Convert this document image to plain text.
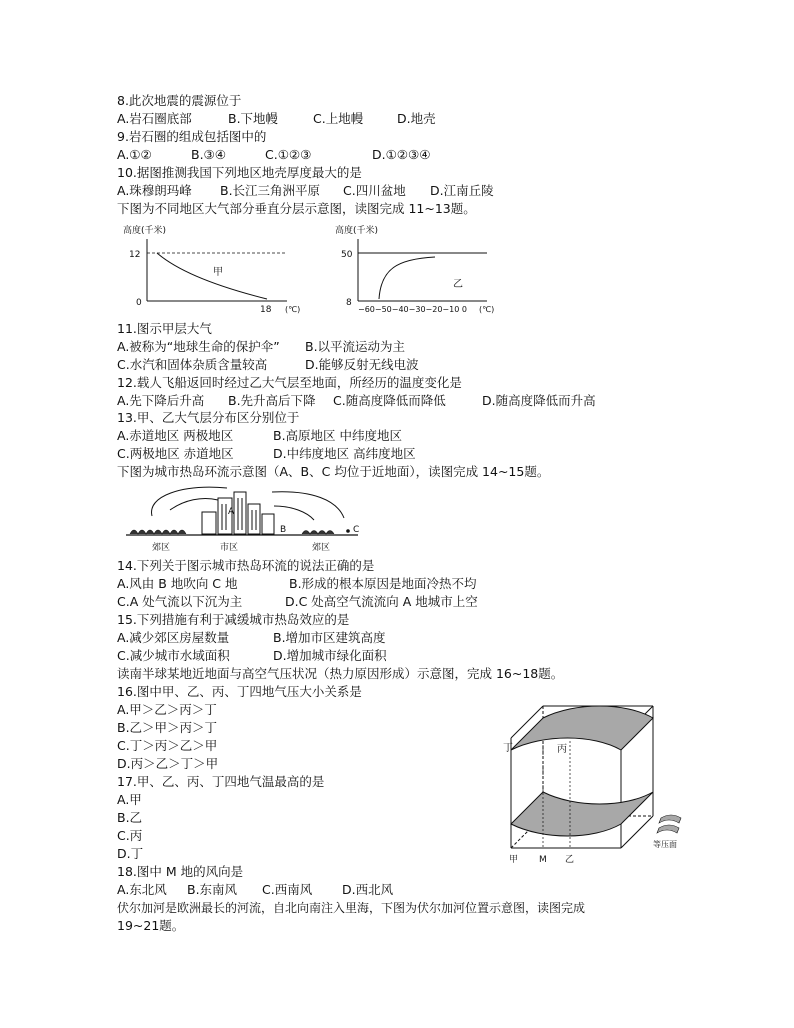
8.此次地震的震源位于
A.岩石圈底部	B.下地幔	C.上地幔	D.地壳
9.岩石圈的组成包括图中的
A.①②	B.③④	C.①②③	D.①②③④
10.据图推测我国下列地区地壳厚度最大的是
A.珠穆朗玛峰 B.长江三角洲平原 C.四川盆地 D.江南丘陵
下图为不同地区大气部分垂直分层示意图，读图完成 11~13题。
高度(千米)
12
0
18 (℃)
甲
高度(千米)
50
8
−60−50−40−30−20−10 0 (℃)
乙
11.图示甲层大气
A.被称为“地球生命的保护伞” B.以平流运动为主
C.水汽和固体杂质含量较高	D.能够反射无线电波
12.载人飞船返回时经过乙大气层至地面，所经历的温度变化是
A.先下降后升高 B.先升高后下降 C.随高度降低而降低	D.随高度降低而升高
13.甲、乙大气层分布区分别位于
A.赤道地区 两极地区	B.高原地区 中纬度地区
C.两极地区 赤道地区	D.中纬度地区 高纬度地区
下图为城市热岛环流示意图（A、B、C 均位于近地面），读图完成 14~15题。
A
B	C
郊区	市区	郊区
14.下列关于图示城市热岛环流的说法正确的是
A.风由 B 地吹向 C 地	B.形成的根本原因是地面冷热不均
C.A 处气流以下沉为主	D.C 处高空气流流向 A 地城市上空
15.下列措施有利于减缓城市热岛效应的是
A.减少郊区房屋数量	B.增加市区建筑高度
C.减少城市水域面积	D.增加城市绿化面积
读南半球某地近地面与高空气压状况（热力原因形成）示意图，完成 16~18题。
16.图中甲、乙、丙、丁四地气压大小关系是
A.甲＞乙＞丙＞丁
B.乙＞甲＞丙＞丁
C.丁＞丙＞乙＞甲
D.丙＞乙＞丁＞甲
17.甲、乙、丙、丁四地气温最高的是
A.甲
B.乙
C.丙
D.丁
丁	丙
甲 M 乙
等压面
18.图中 M 地的风向是
A.东北风 B.东南风 C.西南风 D.西北风
伏尔加河是欧洲最长的河流，自北向南注入里海，下图为伏尔加河位置示意图，读图完成
19~21题。
